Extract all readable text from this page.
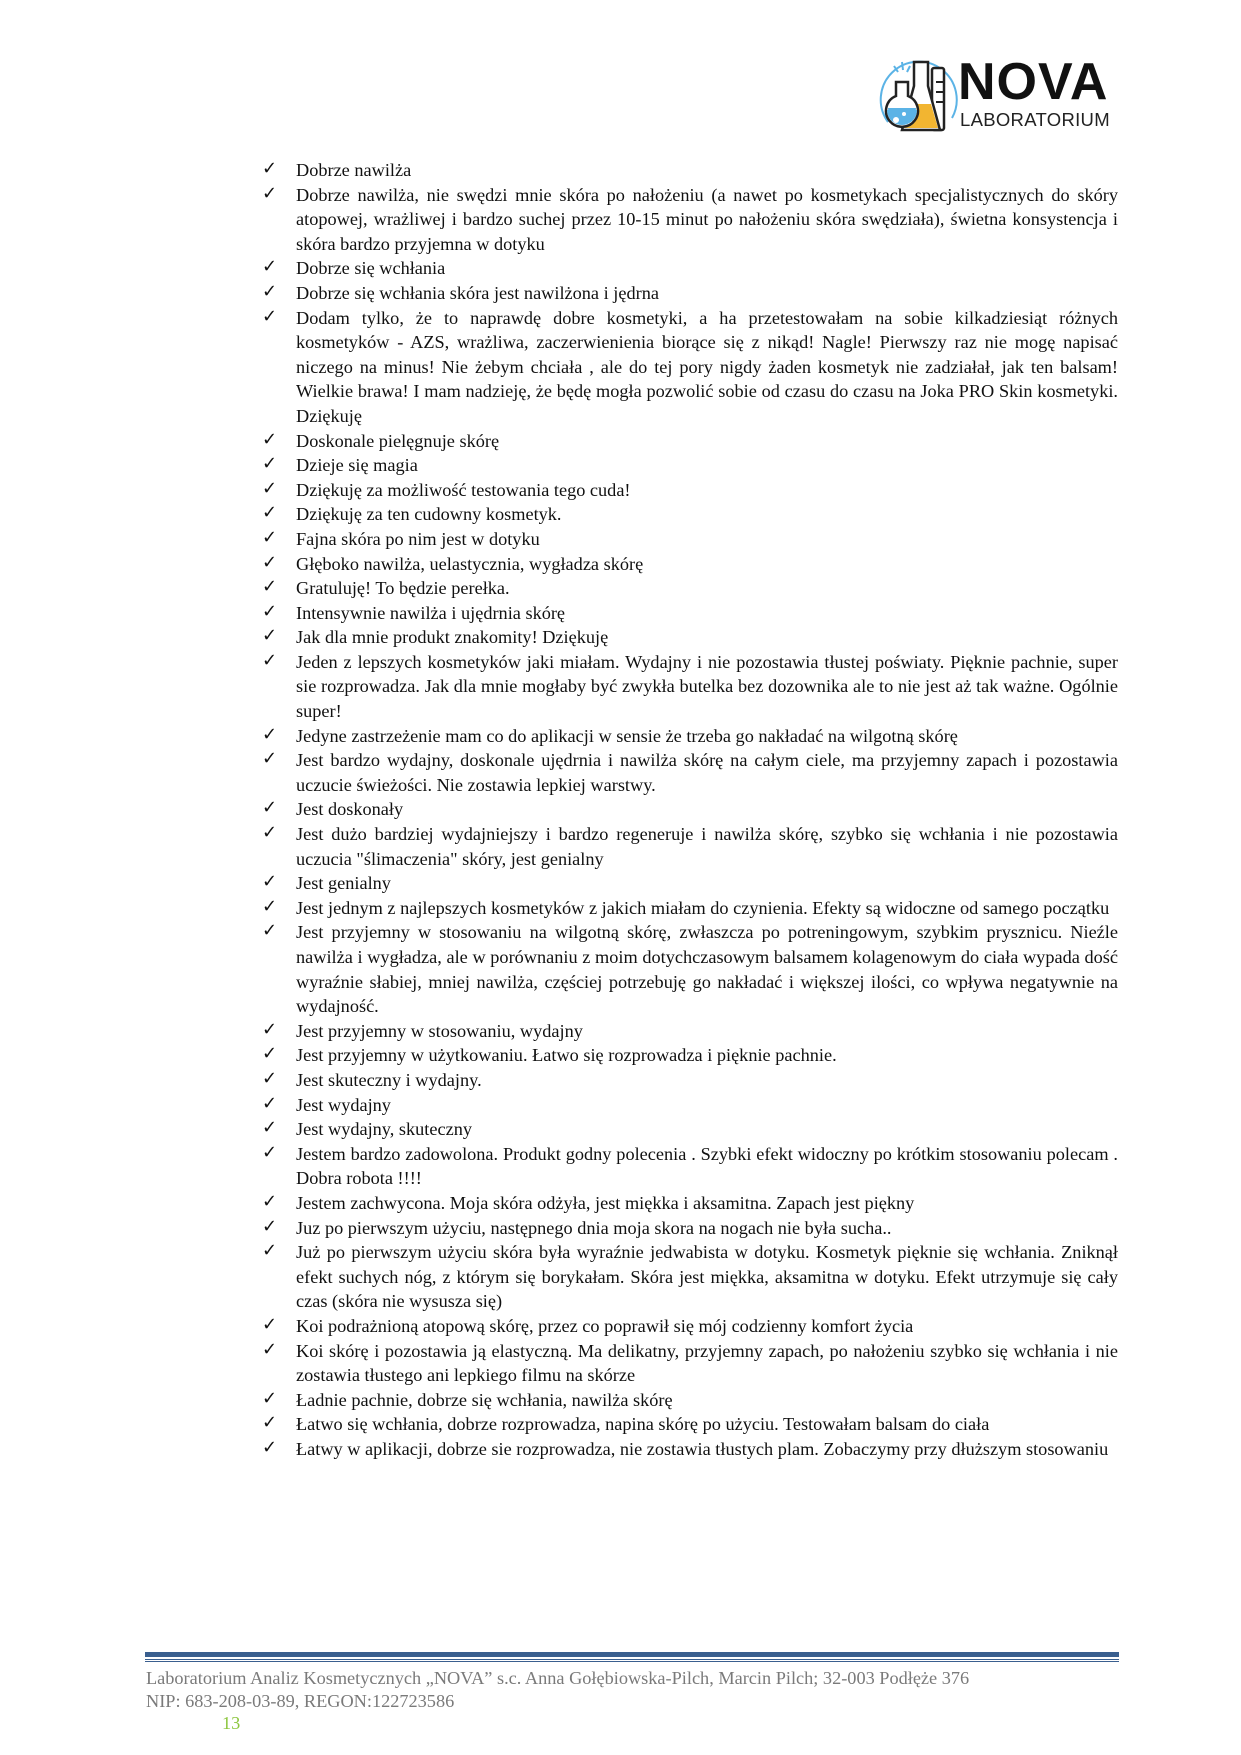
NOVA
LABORATORIUM
✓ Dobrze nawilża
✓ Dobrze nawilża, nie swędzi mnie skóra po nałożeniu (a nawet po kosmetykach specjalistycznych do skóry atopowej, wrażliwej i bardzo suchej przez 10-15 minut po nałożeniu skóra swędziała), świetna konsystencja i skóra bardzo przyjemna w dotyku
✓ Dobrze się wchłania
✓ Dobrze się wchłania skóra jest nawilżona i jędrna
✓ Dodam tylko, że to naprawdę dobre kosmetyki, a ha przetestowałam na sobie kilkadziesiąt różnych kosmetyków - AZS, wrażliwa, zaczerwienienia biorące się z nikąd! Nagle! Pierwszy raz nie mogę napisać niczego na minus! Nie żebym chciała , ale do tej pory nigdy żaden kosmetyk nie zadziałał, jak ten balsam! Wielkie brawa! I mam nadzieję, że będę mogła pozwolić sobie od czasu do czasu na Joka PRO Skin kosmetyki. Dziękuję
✓ Doskonale pielęgnuje skórę
✓ Dzieje się magia
✓ Dziękuję za możliwość testowania tego cuda!
✓ Dziękuję za ten cudowny kosmetyk.
✓ Fajna skóra po nim jest w dotyku
✓ Głęboko nawilża, uelastycznia, wygładza skórę
✓ Gratuluję! To będzie perełka.
✓ Intensywnie nawilża i ujędrnia skórę
✓ Jak dla mnie produkt znakomity! Dziękuję
✓ Jeden z lepszych kosmetyków jaki miałam. Wydajny i nie pozostawia tłustej poświaty. Pięknie pachnie, super sie rozprowadza. Jak dla mnie mogłaby być zwykła butelka bez dozownika ale to nie jest aż tak ważne. Ogólnie super!
✓ Jedyne zastrzeżenie mam co do aplikacji w sensie że trzeba go nakładać na wilgotną skórę
✓ Jest bardzo wydajny, doskonale ujędrnia i nawilża skórę na całym ciele, ma przyjemny zapach i pozostawia uczucie świeżości. Nie zostawia lepkiej warstwy.
✓ Jest doskonały
✓ Jest dużo bardziej wydajniejszy i bardzo regeneruje i nawilża skórę, szybko się wchłania i nie pozostawia uczucia "ślimaczenia" skóry, jest genialny
✓ Jest genialny
✓ Jest jednym z najlepszych kosmetyków z jakich miałam do czynienia. Efekty są widoczne od samego początku
✓ Jest przyjemny w stosowaniu na wilgotną skórę, zwłaszcza po potreningowym, szybkim prysznicu. Nieźle nawilża i wygładza, ale w porównaniu z moim dotychczasowym balsamem kolagenowym do ciała wypada dość wyraźnie słabiej, mniej nawilża, częściej potrzebuję go nakładać i większej ilości, co wpływa negatywnie na wydajność.
✓ Jest przyjemny w stosowaniu, wydajny
✓ Jest przyjemny w użytkowaniu. Łatwo się rozprowadza i pięknie pachnie.
✓ Jest skuteczny i wydajny.
✓ Jest wydajny
✓ Jest wydajny, skuteczny
✓ Jestem bardzo zadowolona. Produkt godny polecenia . Szybki efekt widoczny po krótkim stosowaniu polecam . Dobra robota !!!!
✓ Jestem zachwycona. Moja skóra odżyła, jest miękka i aksamitna. Zapach jest piękny
✓ Juz po pierwszym użyciu, następnego dnia moja skora na nogach nie była sucha..
✓ Już po pierwszym użyciu skóra była wyraźnie jedwabista w dotyku. Kosmetyk pięknie się wchłania. Zniknął efekt suchych nóg, z którym się borykałam. Skóra jest miękka, aksamitna w dotyku. Efekt utrzymuje się cały czas (skóra nie wysusza się)
✓ Koi podrażnioną atopową skórę, przez co poprawił się mój codzienny komfort życia
✓ Koi skórę i pozostawia ją elastyczną. Ma delikatny, przyjemny zapach, po nałożeniu szybko się wchłania i nie zostawia tłustego ani lepkiego filmu na skórze
✓ Ładnie pachnie, dobrze się wchłania, nawilża skórę
✓ Łatwo się wchłania, dobrze rozprowadza, napina skórę po użyciu. Testowałam balsam do ciała
✓ Łatwy w aplikacji, dobrze sie rozprowadza, nie zostawia tłustych plam. Zobaczymy przy dłuższym stosowaniu
Laboratorium Analiz Kosmetycznych „NOVA” s.c. Anna Gołębiowska-Pilch, Marcin Pilch; 32-003 Podłęże 376
NIP: 683-208-03-89, REGON:122723586
13
